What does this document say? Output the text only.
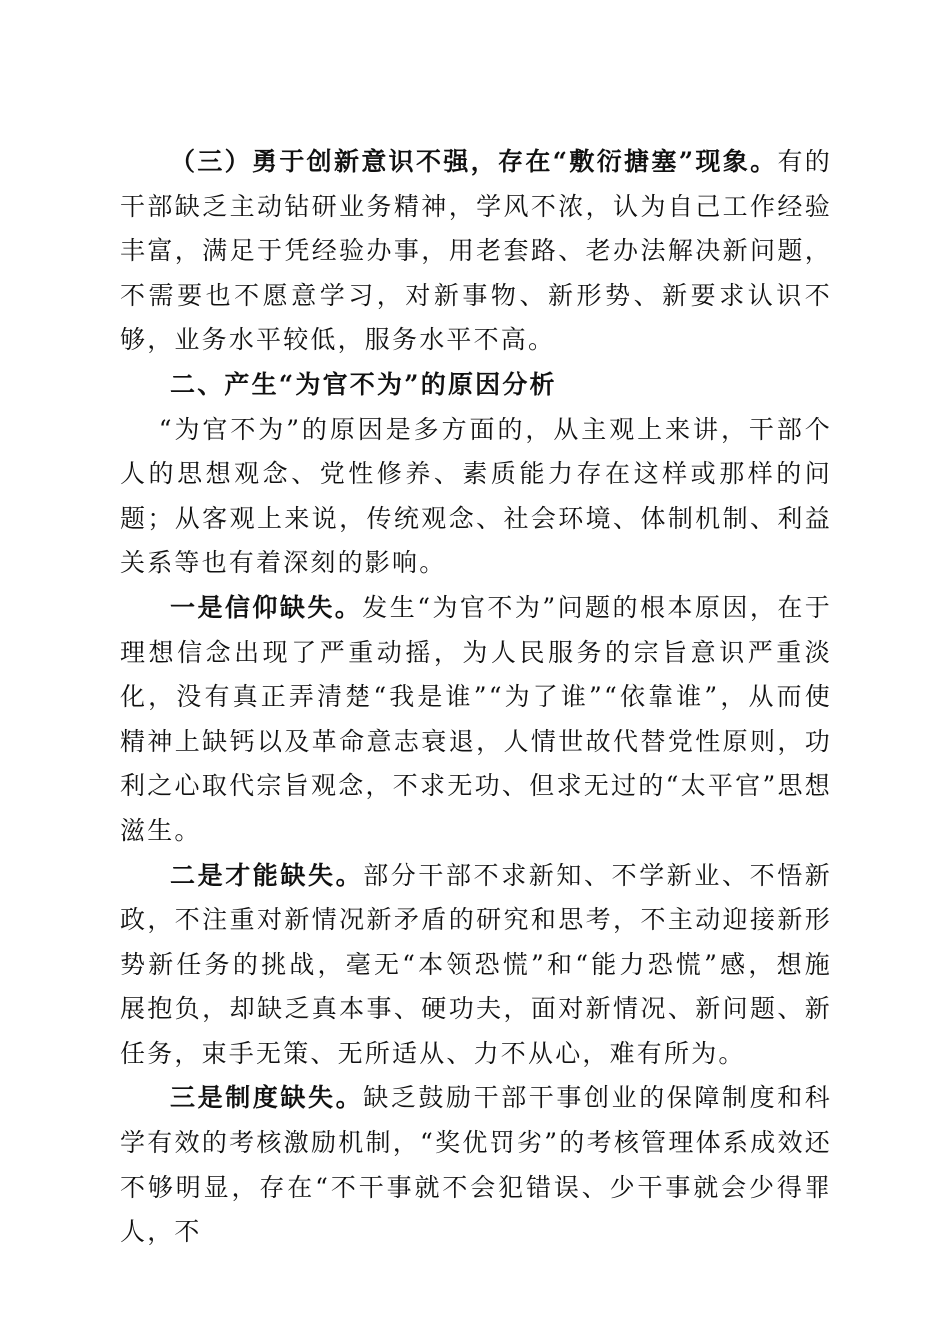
（三）勇于创新意识不强，存在“敷衍搪塞”现象。有的干部缺乏主动钻研业务精神，学风不浓，认为自己工作经验丰富，满足于凭经验办事，用老套路、老办法解决新问题，不需要也不愿意学习，对新事物、新形势、新要求认识不够，业务水平较低，服务水平不高。

二、产生“为官不为”的原因分析

“为官不为”的原因是多方面的，从主观上来讲，干部个人的思想观念、党性修养、素质能力存在这样或那样的问题；从客观上来说，传统观念、社会环境、体制机制、利益关系等也有着深刻的影响。

一是信仰缺失。发生“为官不为”问题的根本原因，在于理想信念出现了严重动摇，为人民服务的宗旨意识严重淡化，没有真正弄清楚“我是谁”“为了谁”“依靠谁”，从而使精神上缺钙以及革命意志衰退，人情世故代替党性原则，功利之心取代宗旨观念，不求无功、但求无过的“太平官”思想滋生。

二是才能缺失。部分干部不求新知、不学新业、不悟新政，不注重对新情况新矛盾的研究和思考，不主动迎接新形势新任务的挑战，毫无“本领恐慌”和“能力恐慌”感，想施展抱负，却缺乏真本事、硬功夫，面对新情况、新问题、新任务，束手无策、无所适从、力不从心，难有所为。

三是制度缺失。缺乏鼓励干部干事创业的保障制度和科学有效的考核激励机制，“奖优罚劣”的考核管理体系成效还不够明显，存在“不干事就不会犯错误、少干事就会少得罪人，不
